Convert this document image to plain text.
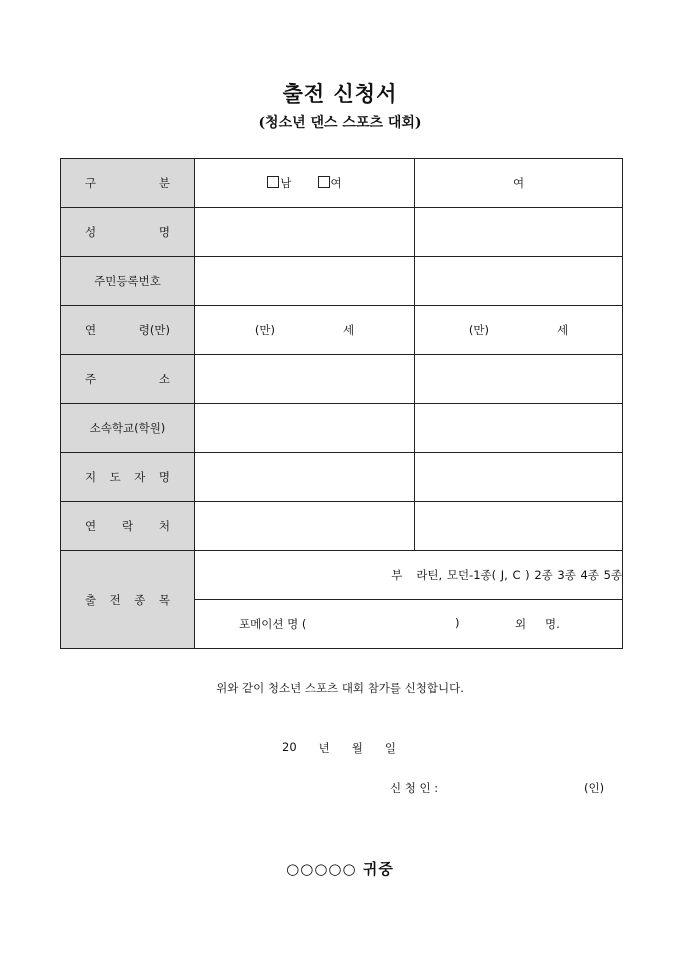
출전 신청서
(청소년 댄스 스포츠 대회)
구 분	남 여	여

성 명		

주민등록번호		

연 령(만)	(만) 세	(만) 세

주 소		

소속학교(학원)		

지 도 자 명		

연 락 처		

출 전 종 목	부   라틴, 모던-1종( J, C ) 2종 3종 4종 5종	

	포메이션 명 ( ) 외 명.	
위와 같이 청소년 스포츠 대회 참가를 신청합니다.
20 년 월 일
신 청 인 :	(인)
○○○○○ 귀중
